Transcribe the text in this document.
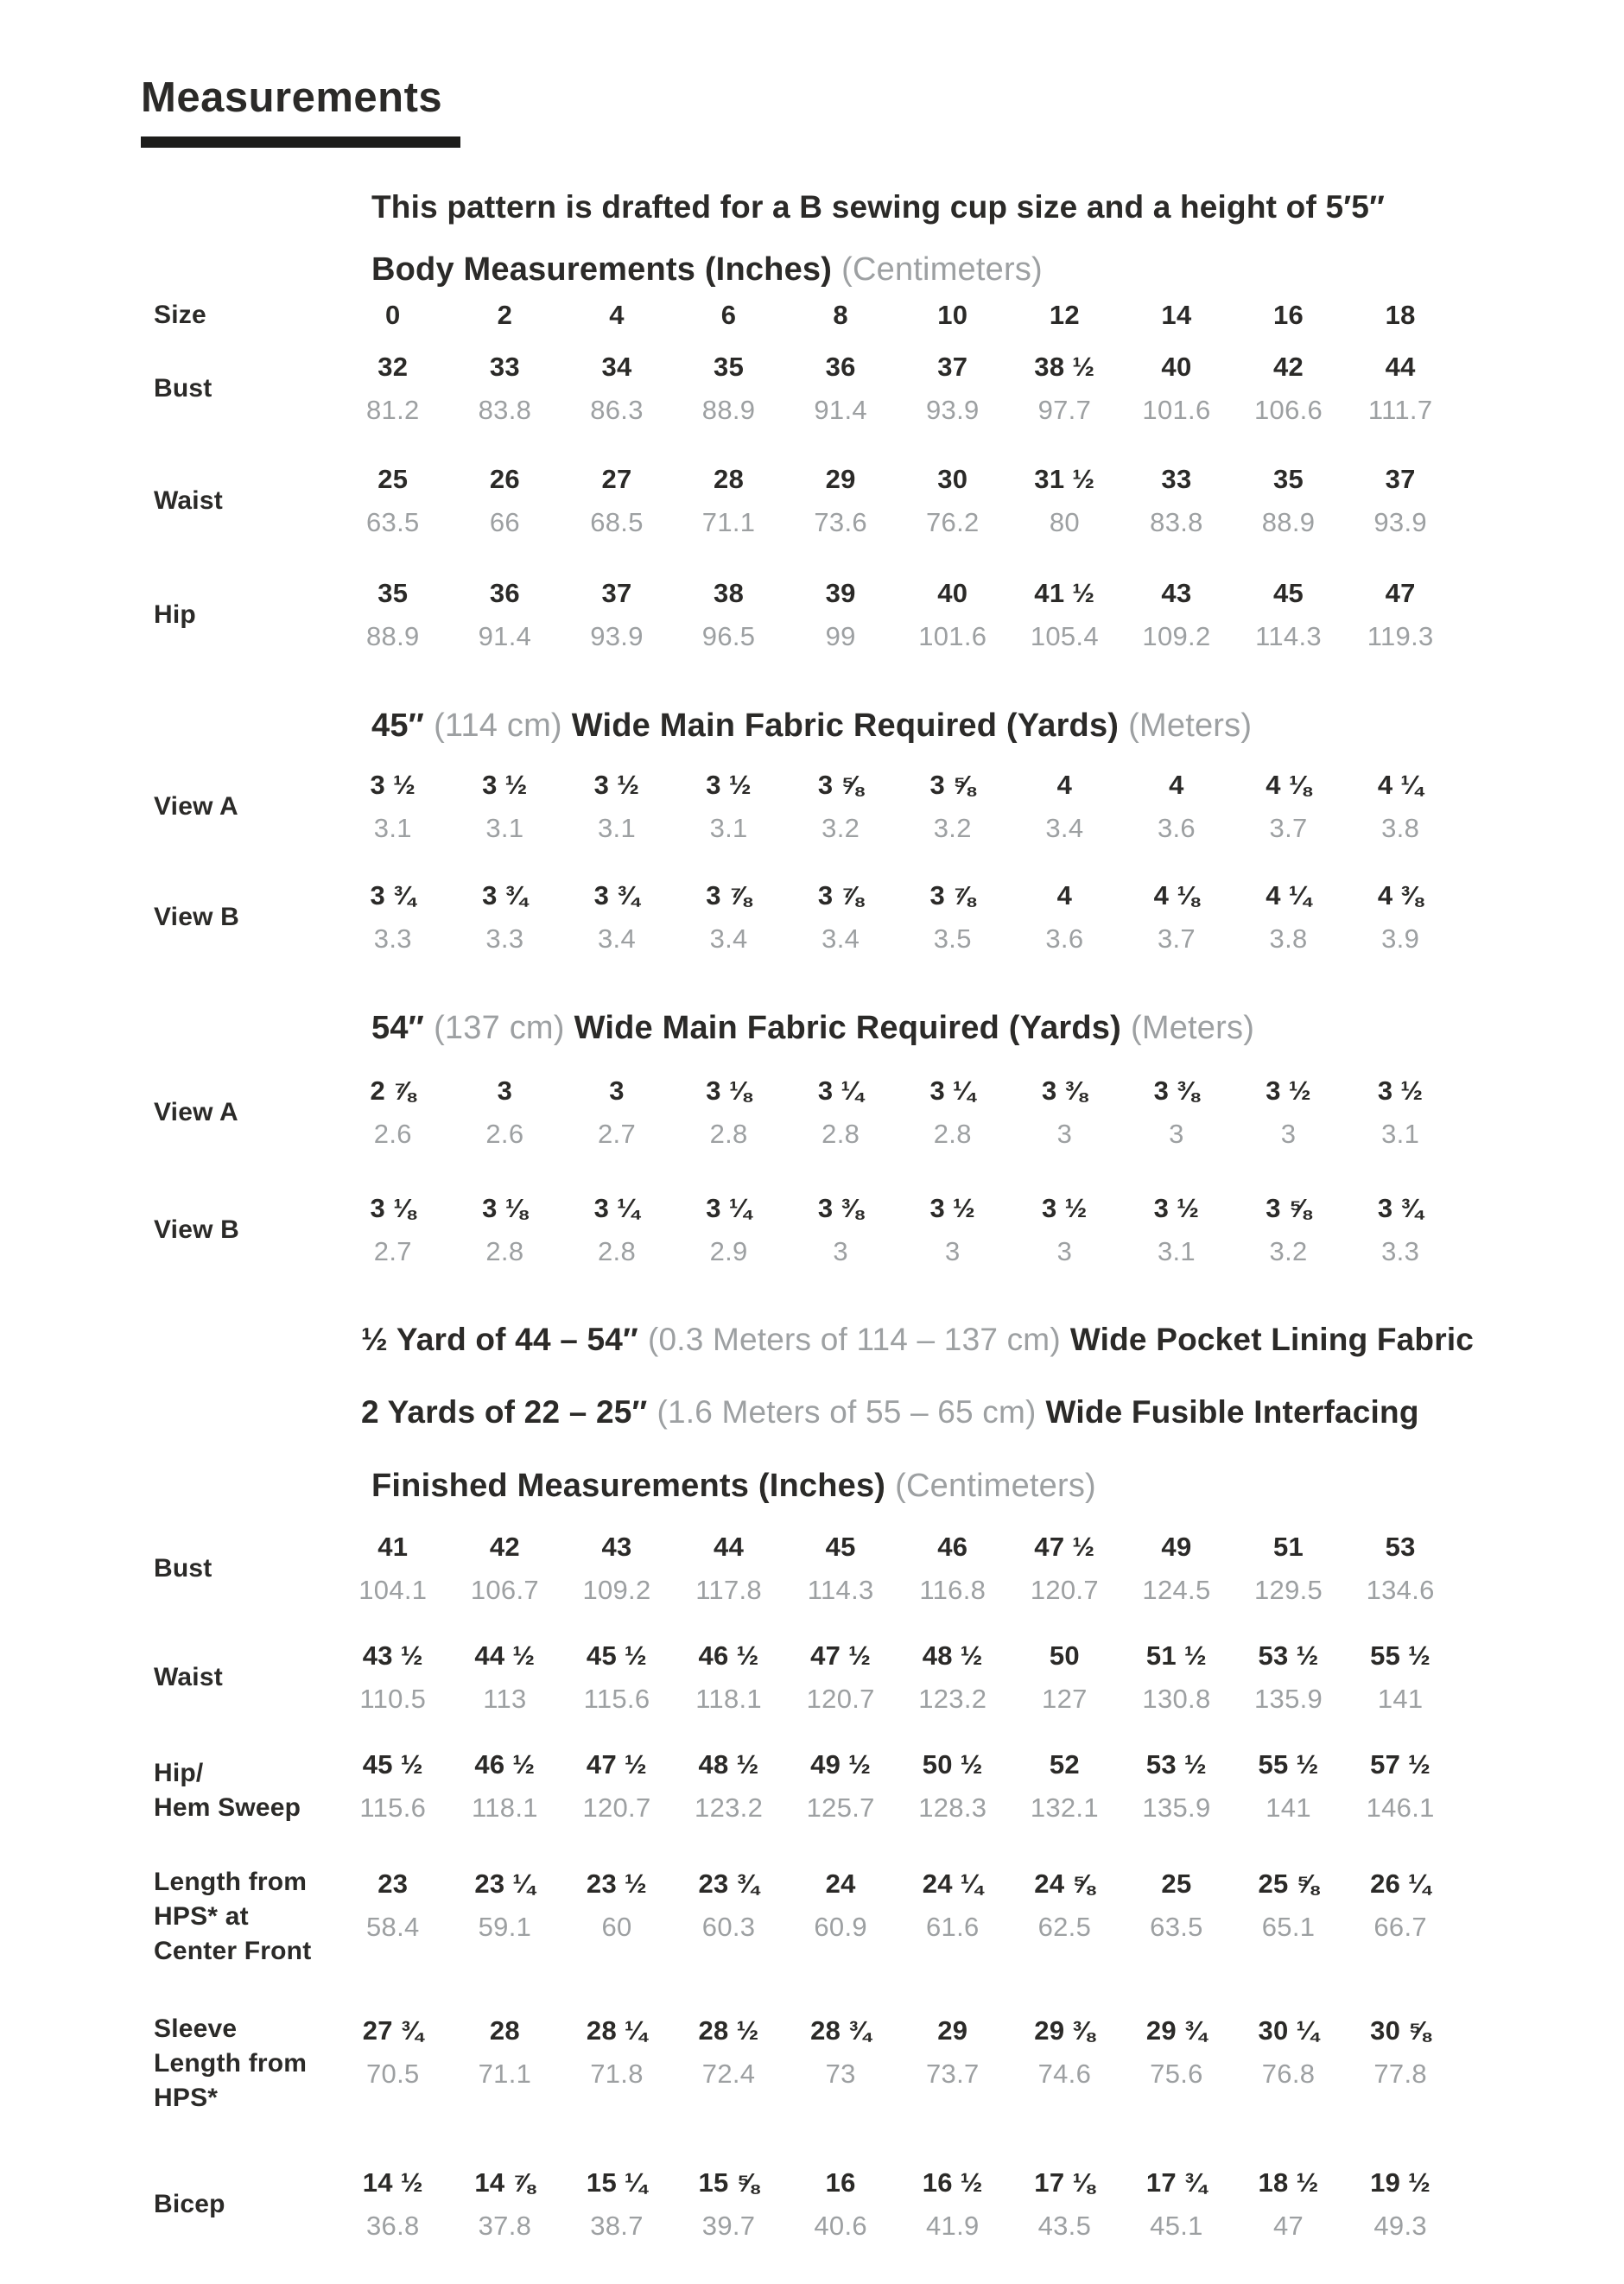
Measurements
This pattern is drafted for a B sewing cup size and a height of 5′5″
Body Measurements (Inches) (Centimeters)
Size	0	2	4	6	8	10	12	14	16	18
Bust
32	33	34	35	36	37	38 ½	40	42	44
81.2	83.8	86.3	88.9	91.4	93.9	97.7	101.6	106.6	111.7
Waist
25	26	27	28	29	30	31 ½	33	35	37
63.5	66	68.5	71.1	73.6	76.2	80	83.8	88.9	93.9
Hip
35	36	37	38	39	40	41 ½	43	45	47
88.9	91.4	93.9	96.5	99	101.6	105.4	109.2	114.3	119.3
45″ (114 cm) Wide Main Fabric Required (Yards) (Meters)
View A
3 ½	3 ½	3 ½	3 ½	3 ⅝	3 ⅝	4	4	4 ⅛	4 ¼
3.1	3.1	3.1	3.1	3.2	3.2	3.4	3.6	3.7	3.8
View B
3 ¾	3 ¾	3 ¾	3 ⅞	3 ⅞	3 ⅞	4	4 ⅛	4 ¼	4 ⅜
3.3	3.3	3.4	3.4	3.4	3.5	3.6	3.7	3.8	3.9
54″ (137 cm) Wide Main Fabric Required (Yards) (Meters)
View A
2 ⅞	3	3	3 ⅛	3 ¼	3 ¼	3 ⅜	3 ⅜	3 ½	3 ½
2.6	2.6	2.7	2.8	2.8	2.8	3	3	3	3.1
View B
3 ⅛	3 ⅛	3 ¼	3 ¼	3 ⅜	3 ½	3 ½	3 ½	3 ⅝	3 ¾
2.7	2.8	2.8	2.9	3	3	3	3.1	3.2	3.3
½ Yard of 44 – 54″ (0.3 Meters of 114 – 137 cm) Wide Pocket Lining Fabric
2 Yards of 22 – 25″ (1.6 Meters of 55 – 65 cm) Wide Fusible Interfacing
Finished Measurements (Inches) (Centimeters)
Bust
41	42	43	44	45	46	47 ½	49	51	53
104.1	106.7	109.2	117.8	114.3	116.8	120.7	124.5	129.5	134.6
Waist
43 ½	44 ½	45 ½	46 ½	47 ½	48 ½	50	51 ½	53 ½	55 ½
110.5	113	115.6	118.1	120.7	123.2	127	130.8	135.9	141
Hip/
Hem Sweep
45 ½	46 ½	47 ½	48 ½	49 ½	50 ½	52	53 ½	55 ½	57 ½
115.6	118.1	120.7	123.2	125.7	128.3	132.1	135.9	141	146.1
Length from
HPS* at
Center Front
23	23 ¼	23 ½	23 ¾	24	24 ¼	24 ⅝	25	25 ⅝	26 ¼
58.4	59.1	60	60.3	60.9	61.6	62.5	63.5	65.1	66.7
Sleeve
Length from
HPS*
27 ¾	28	28 ¼	28 ½	28 ¾	29	29 ⅜	29 ¾	30 ¼	30 ⅝
70.5	71.1	71.8	72.4	73	73.7	74.6	75.6	76.8	77.8
Bicep
14 ½	14 ⅞	15 ¼	15 ⅝	16	16 ½	17 ⅛	17 ¾	18 ½	19 ½
36.8	37.8	38.7	39.7	40.6	41.9	43.5	45.1	47	49.3
